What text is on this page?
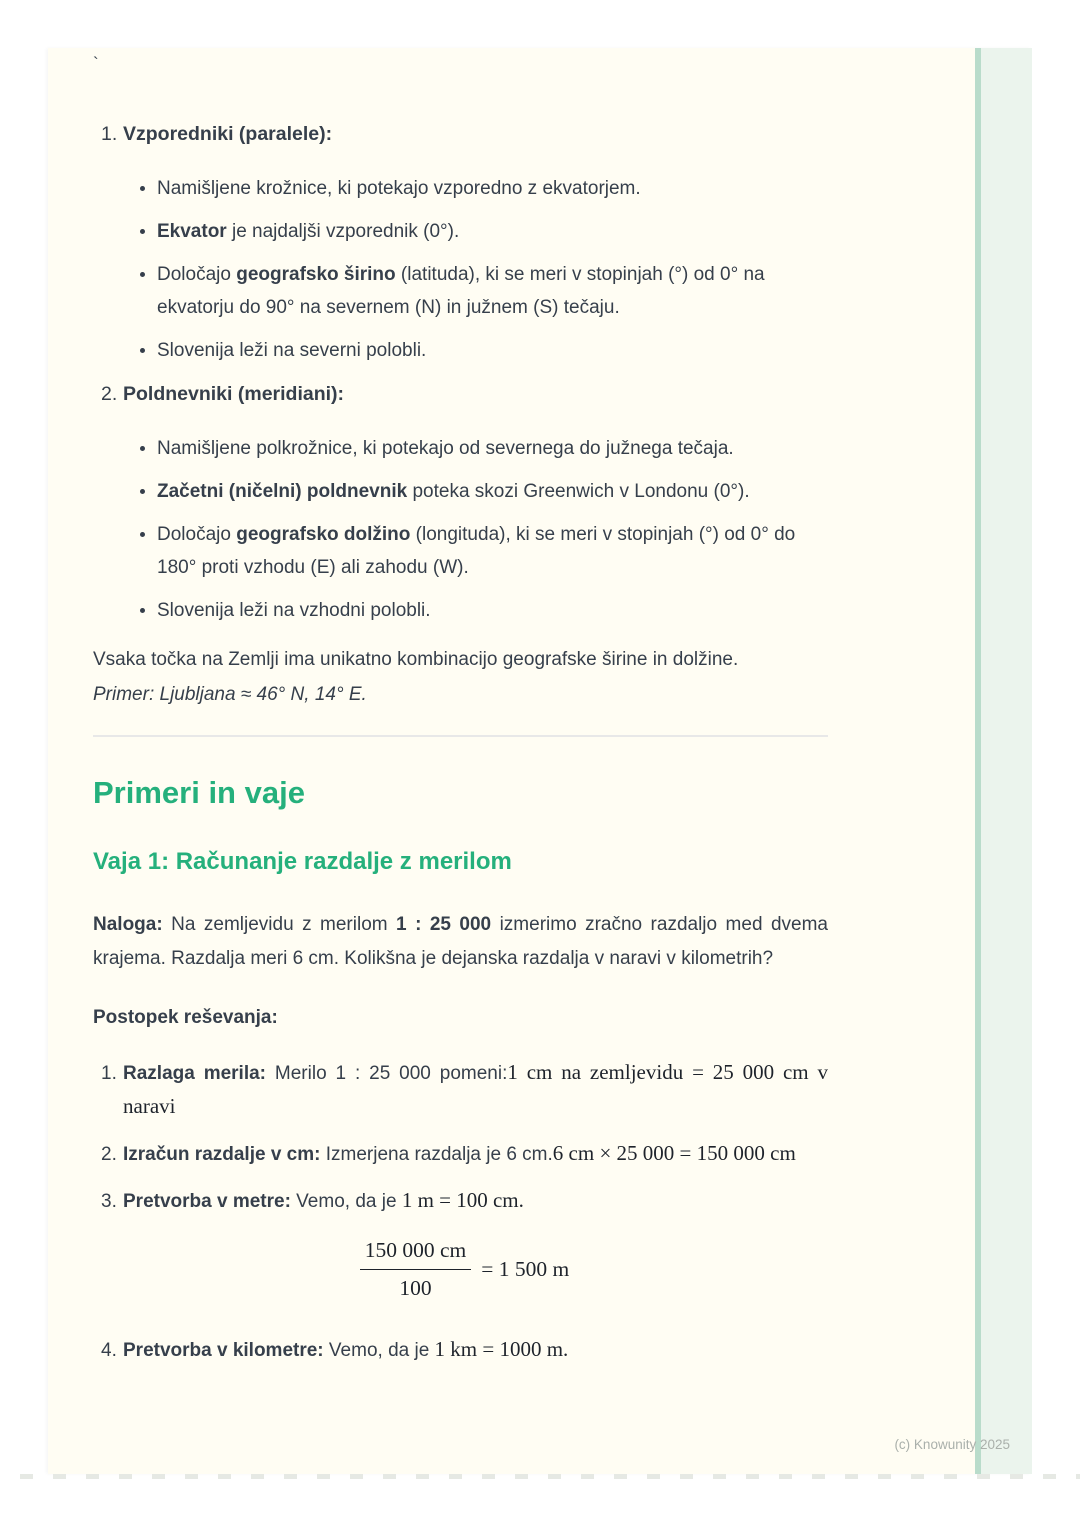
`
1. Vzporedniki (paralele):
• Namišljene krožnice, ki potekajo vzporedno z ekvatorjem.
• Ekvator je najdaljši vzporednik (0°).
• Določajo geografsko širino (latituda), ki se meri v stopinjah (°) od 0° na ekvatorju do 90° na severnem (N) in južnem (S) tečaju.
• Slovenija leži na severni polobli.
2. Poldnevniki (meridiani):
• Namišljene polkrožnice, ki potekajo od severnega do južnega tečaja.
• Začetni (ničelni) poldnevnik poteka skozi Greenwich v Londonu (0°).
• Določajo geografsko dolžino (longituda), ki se meri v stopinjah (°) od 0° do 180° proti vzhodu (E) ali zahodu (W).
• Slovenija leži na vzhodni polobli.

Vsaka točka na Zemlji ima unikatno kombinacijo geografske širine in dolžine.

Primer: Ljubljana ≈ 46° N, 14° E.

Primeri in vaje
Vaja 1: Računanje razdalje z merilom

Naloga: Na zemljevidu z merilom 1 : 25 000 izmerimo zračno razdaljo med dvema krajema. Razdalja meri 6 cm. Kolikšna je dejanska razdalja v naravi v kilometrih?

Postopek reševanja:

1. Razlaga merila: Merilo 1 : 25 000 pomeni:1 cm na zemljevidu = 25 000 cm v naravi
2. Izračun razdalje v cm: Izmerjena razdalja je 6 cm.6 cm × 25 000 = 150 000 cm
3. Pretvorba v metre: Vemo, da je 1 m = 100 cm.
$\frac{150 000 cm}{100} = 1$ 500 m
4. Pretvorba v kilometre: Vemo, da je 1 km = 1000 m.
(c) Knowunity 2025
